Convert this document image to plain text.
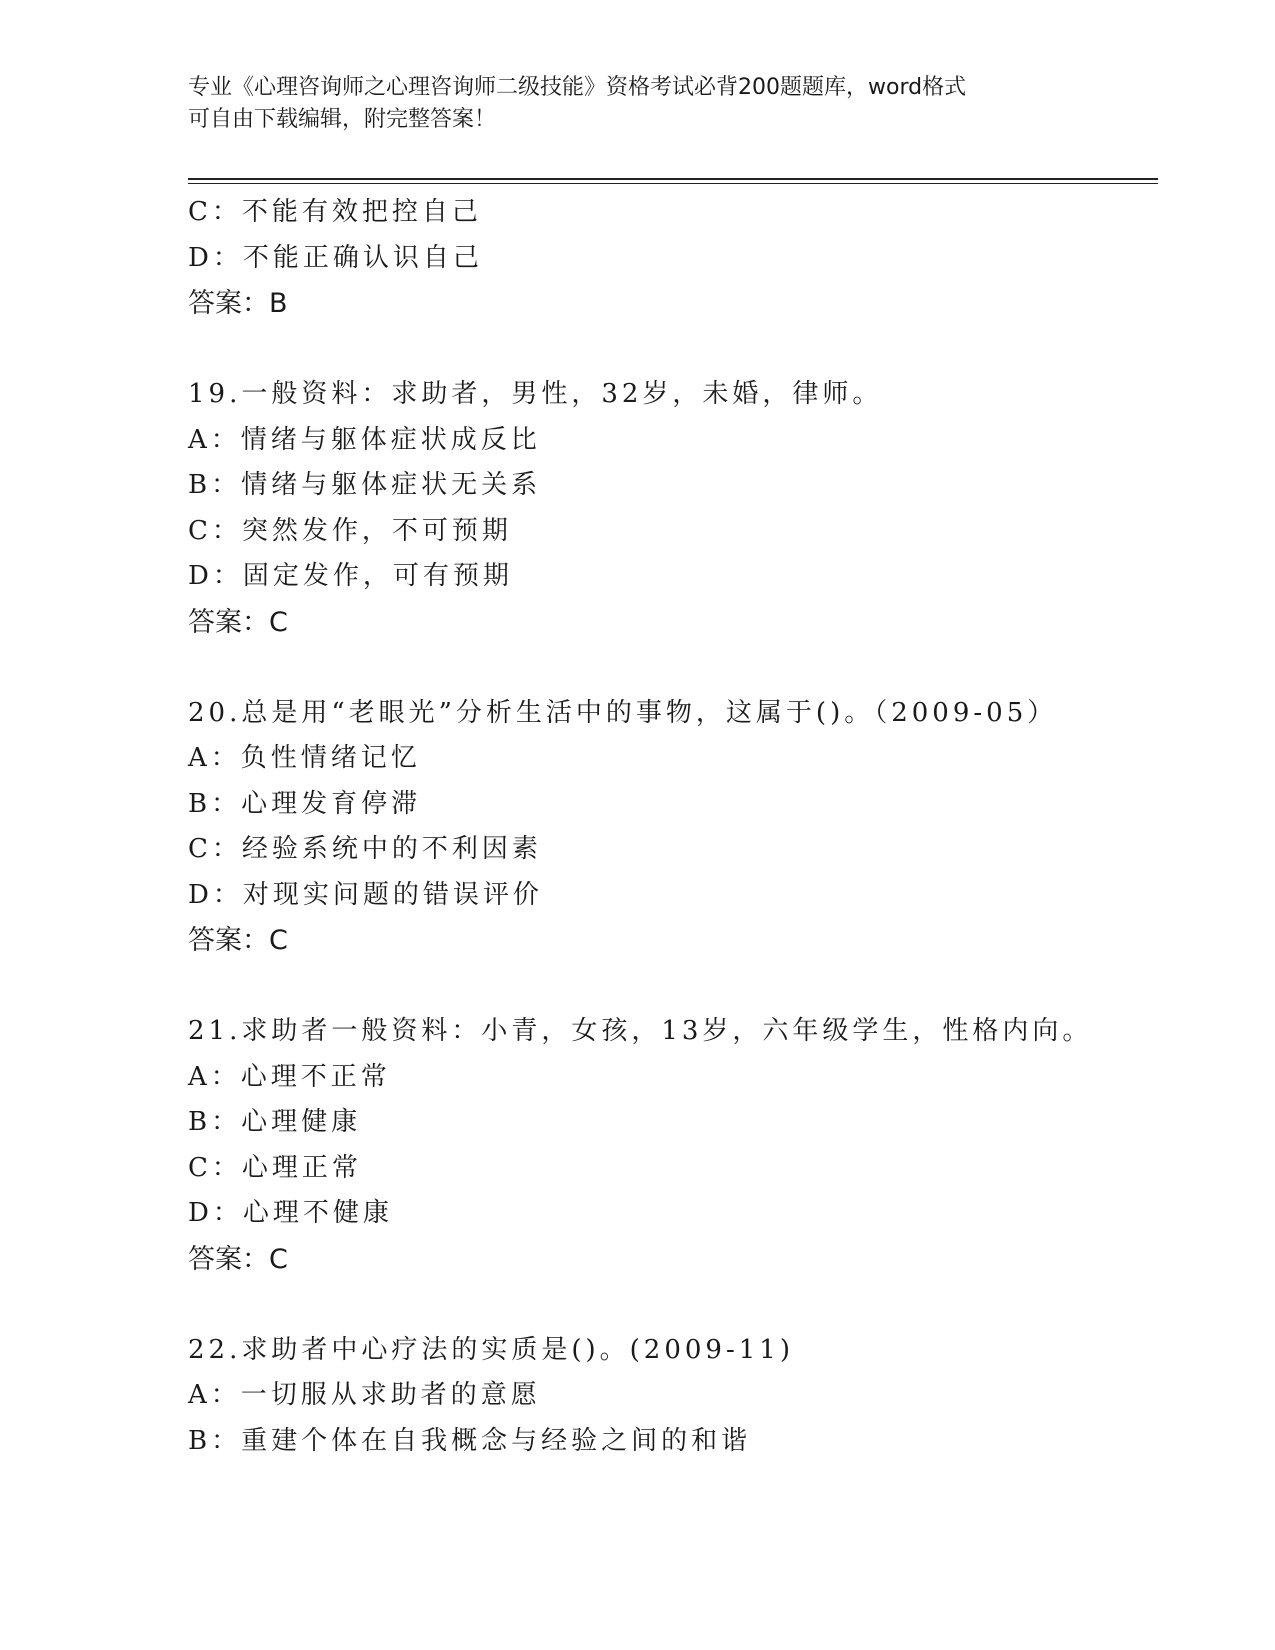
专业《心理咨询师之心理咨询师二级技能》资格考试必背200题题库，word格式
可自由下载编辑，附完整答案！
C：不能有效把控自己
D：不能正确认识自己
答案：B
19.一般资料：求助者，男性，32岁，未婚，律师。
A：情绪与躯体症状成反比
B：情绪与躯体症状无关系
C：突然发作，不可预期
D：固定发作，可有预期
答案：C
20.总是用“老眼光”分析生活中的事物，这属于()。（2009-05）
A：负性情绪记忆
B：心理发育停滞
C：经验系统中的不利因素
D：对现实问题的错误评价
答案：C
21.求助者一般资料：小青，女孩，13岁，六年级学生，性格内向。
A：心理不正常
B：心理健康
C：心理正常
D：心理不健康
答案：C
22.求助者中心疗法的实质是()。(2009-11)
A：一切服从求助者的意愿
B：重建个体在自我概念与经验之间的和谐
